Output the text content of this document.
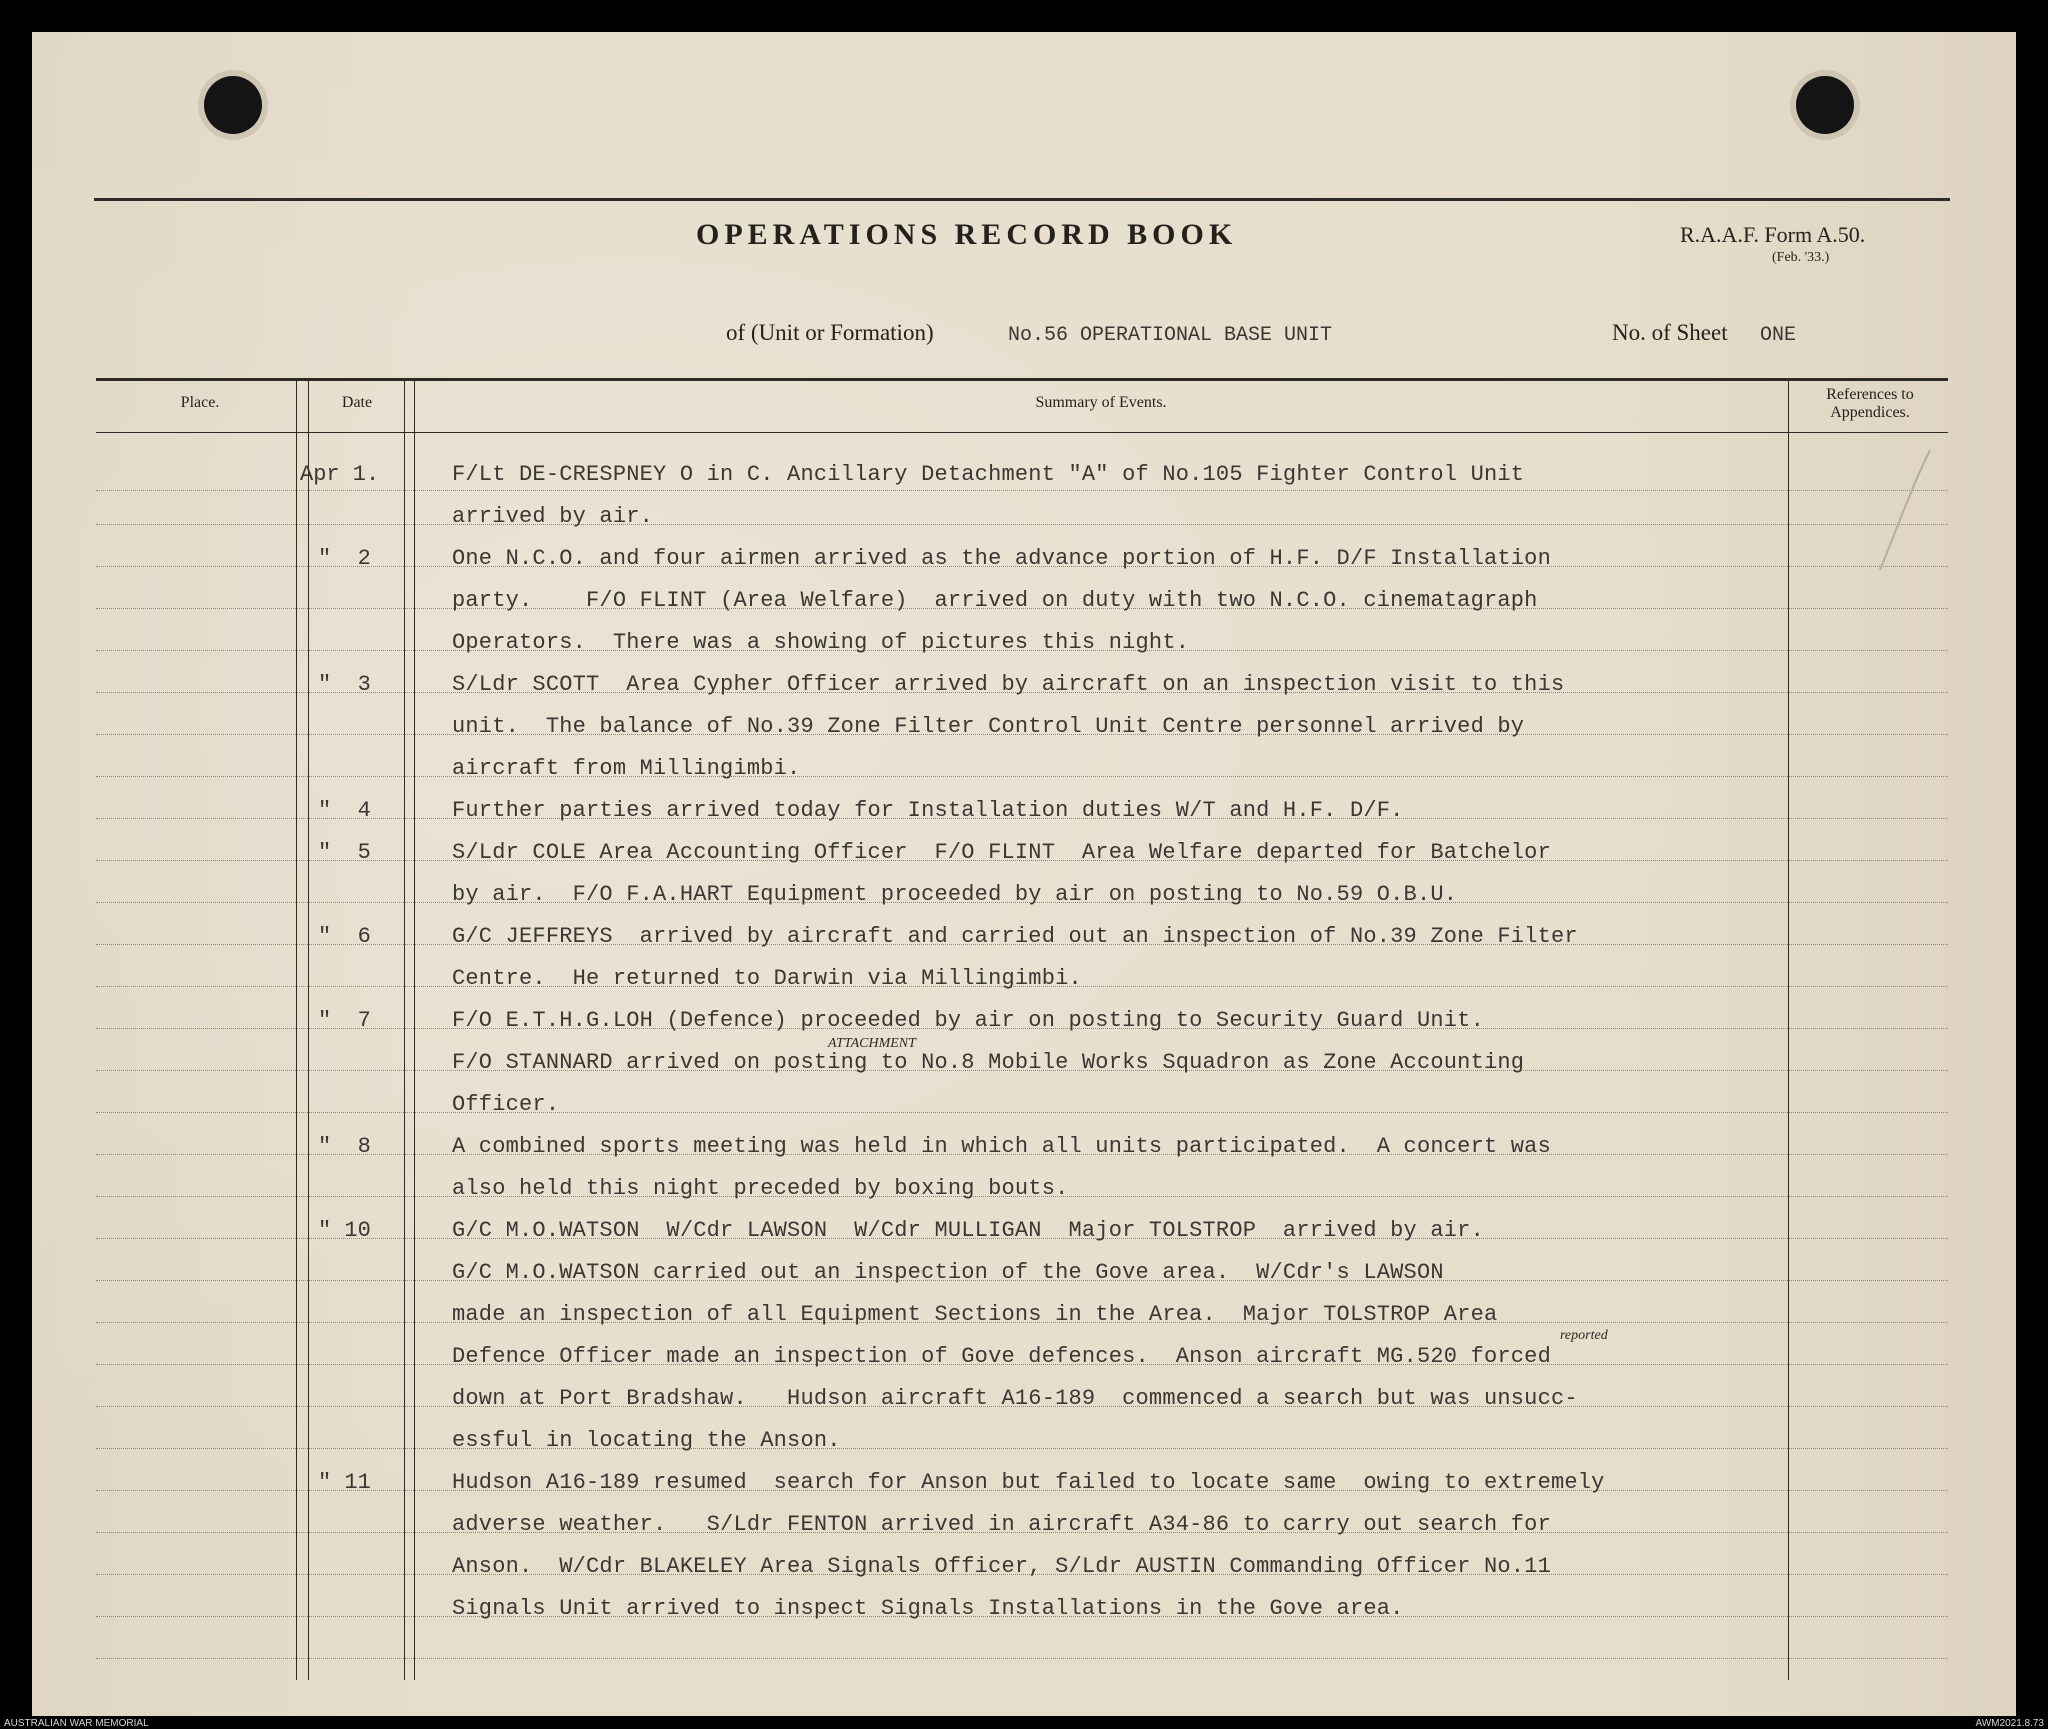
OPERATIONS RECORD BOOK	R.A.A.F. Form A.50.
(Feb. '33.)
of (Unit or Formation)	No.56 OPERATIONAL BASE UNIT	No. of Sheet ONE
Place.	Date	Summary of Events.	References to
Appendices.
Apr 1.	F/Lt DE-CRESPNEY O in C. Ancillary Detachment "A" of No.105 Fighter Control Unit
arrived by air.
"  2	One N.C.O. and four airmen arrived as the advance portion of H.F. D/F Installation
party.    F/O FLINT (Area Welfare)  arrived on duty with two N.C.O. cinematagraph
Operators.  There was a showing of pictures this night.
"  3	S/Ldr SCOTT  Area Cypher Officer arrived by aircraft on an inspection visit to this
unit.  The balance of No.39 Zone Filter Control Unit Centre personnel arrived by
aircraft from Millingimbi.
"  4	Further parties arrived today for Installation duties W/T and H.F. D/F.
"  5	S/Ldr COLE Area Accounting Officer  F/O FLINT  Area Welfare departed for Batchelor
by air.  F/O F.A.HART Equipment proceeded by air on posting to No.59 O.B.U.
"  6	G/C JEFFREYS  arrived by aircraft and carried out an inspection of No.39 Zone Filter
Centre.  He returned to Darwin via Millingimbi.
"  7	F/O E.T.H.G.LOH (Defence) proceeded by air on posting to Security Guard Unit.
ATTACHMENT
F/O STANNARD arrived on posting to No.8 Mobile Works Squadron as Zone Accounting
Officer.
"  8	A combined sports meeting was held in which all units participated.  A concert was
also held this night preceded by boxing bouts.
" 10	G/C M.O.WATSON  W/Cdr LAWSON  W/Cdr MULLIGAN  Major TOLSTROP  arrived by air.
G/C M.O.WATSON carried out an inspection of the Gove area.  W/Cdr's LAWSON
made an inspection of all Equipment Sections in the Area.  Major TOLSTROP Area
reported
Defence Officer made an inspection of Gove defences.  Anson aircraft MG.520 forced
down at Port Bradshaw.   Hudson aircraft A16-189  commenced a search but was unsucc-
essful in locating the Anson.
" 11	Hudson A16-189 resumed  search for Anson but failed to locate same  owing to extremely
adverse weather.   S/Ldr FENTON arrived in aircraft A34-86 to carry out search for
Anson.  W/Cdr BLAKELEY Area Signals Officer, S/Ldr AUSTIN Commanding Officer No.11
Signals Unit arrived to inspect Signals Installations in the Gove area.
AUSTRALIAN WAR MEMORIAL	AWM2021.8.73
